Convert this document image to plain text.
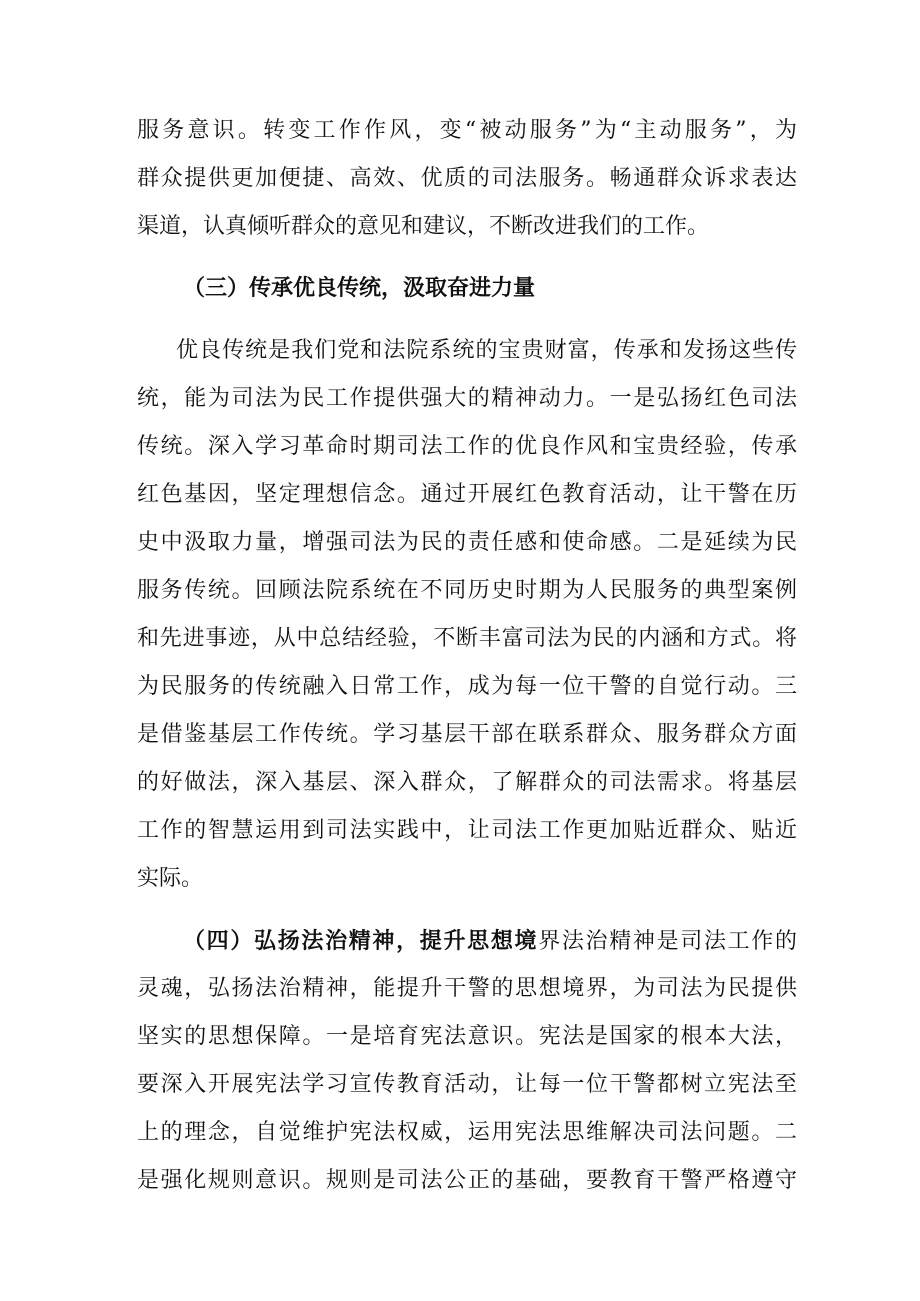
服务意识。转变工作作风，变“被动服务”为“主动服务”，为
群众提供更加便捷、高效、优质的司法服务。畅通群众诉求表达
渠道，认真倾听群众的意见和建议，不断改进我们的工作。
（三）传承优良传统，汲取奋进力量
优良传统是我们党和法院系统的宝贵财富，传承和发扬这些传
统，能为司法为民工作提供强大的精神动力。一是弘扬红色司法
传统。深入学习革命时期司法工作的优良作风和宝贵经验，传承
红色基因，坚定理想信念。通过开展红色教育活动，让干警在历
史中汲取力量，增强司法为民的责任感和使命感。二是延续为民
服务传统。回顾法院系统在不同历史时期为人民服务的典型案例
和先进事迹，从中总结经验，不断丰富司法为民的内涵和方式。将
为民服务的传统融入日常工作，成为每一位干警的自觉行动。三
是借鉴基层工作传统。学习基层干部在联系群众、服务群众方面
的好做法，深入基层、深入群众，了解群众的司法需求。将基层
工作的智慧运用到司法实践中，让司法工作更加贴近群众、贴近
实际。
（四）弘扬法治精神，提升思想境界法治精神是司法工作的
灵魂，弘扬法治精神，能提升干警的思想境界，为司法为民提供
坚实的思想保障。一是培育宪法意识。宪法是国家的根本大法，
要深入开展宪法学习宣传教育活动，让每一位干警都树立宪法至
上的理念，自觉维护宪法权威，运用宪法思维解决司法问题。二
是强化规则意识。规则是司法公正的基础，要教育干警严格遵守
